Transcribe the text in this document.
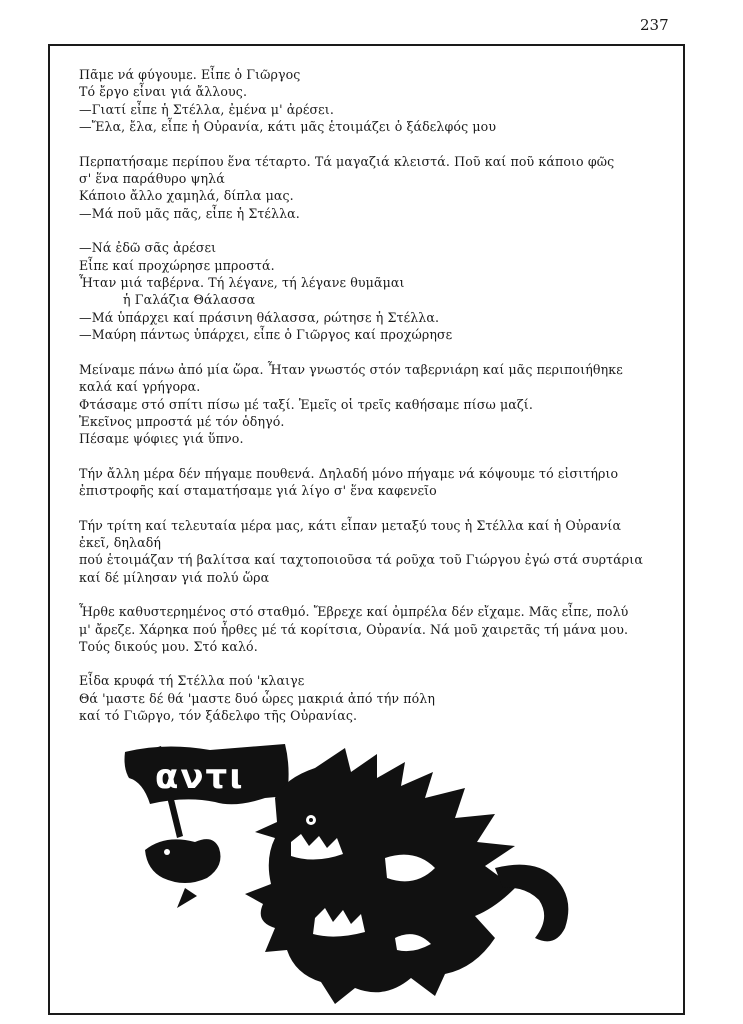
237
Πᾶμε νά φύγουμε. Εἶπε ὁ Γιῶργος
Τό ἔργο εἶναι γιά ἄλλους.
—Γιατί εἶπε ἡ Στέλλα, ἐμένα μ' ἀρέσει.
—Ἔλα, ἔλα, εἶπε ἡ Οὐρανία, κάτι μᾶς ἑτοιμάζει ὁ ξάδελφός μου
Περπατήσαμε περίπου ἕνα τέταρτο. Τά μαγαζιά κλειστά. Ποῦ καί ποῦ κάποιο φῶς
σ' ἕνα παράθυρο ψηλά
Κάποιο ἄλλο χαμηλά, δίπλα μας.
—Μά ποῦ μᾶς πᾶς, εἶπε ἡ Στέλλα.
—Νά ἐδῶ σᾶς ἀρέσει
Εἶπε καί προχώρησε μπροστά.
Ἦταν μιά ταβέρνα. Τή λέγανε, τή λέγανε θυμᾶμαι
ἡ Γαλάζια Θάλασσα
—Μά ὑπάρχει καί πράσινη θάλασσα, ρώτησε ἡ Στέλλα.
—Μαύρη πάντως ὑπάρχει, εἶπε ὁ Γιῶργος καί προχώρησε
Μείναμε πάνω ἀπό μία ὥρα. Ἦταν γνωστός στόν ταβερνιάρη καί μᾶς περιποιήθηκε
καλά καί γρήγορα.
Φτάσαμε στό σπίτι πίσω μέ ταξί. Ἐμεῖς οἱ τρεῖς καθήσαμε πίσω μαζί.
Ἐκεῖνος μπροστά μέ τόν ὁδηγό.
Πέσαμε ψόφιες γιά ὕπνο.
Τήν ἄλλη μέρα δέν πήγαμε πουθενά. Δηλαδή μόνο πήγαμε νά κόψουμε τό εἰσιτήριο
ἐπιστροφῆς καί σταματήσαμε γιά λίγο σ' ἕνα καφενεῖο
Τήν τρίτη καί τελευταία μέρα μας, κάτι εἶπαν μεταξύ τους ἡ Στέλλα καί ἡ Οὐρανία
ἐκεῖ, δηλαδή
πού ἑτοιμάζαν τή βαλίτσα καί ταχτοποιοῦσα τά ροῦχα τοῦ Γιώργου ἐγώ στά συρτάρια
καί δέ μίλησαν γιά πολύ ὥρα
Ἦρθε καθυστερημένος στό σταθμό. Ἔβρεχε καί ὀμπρέλα δέν εἴχαμε. Μᾶς εἶπε, πολύ
μ' ἄρεζε. Χάρηκα πού ἦρθες μέ τά κορίτσια, Οὐρανία. Νά μοῦ χαιρετᾶς τή μάνα μου.
Τούς δικούς μου. Στό καλό.
Εἶδα κρυφά τή Στέλλα πού 'κλαιγε
Θά 'μαστε δέ θά 'μαστε δυό ὧρες μακριά ἀπό τήν πόλη
καί τό Γιῶργο, τόν ξάδελφο τῆς Οὐρανίας.
αντι
